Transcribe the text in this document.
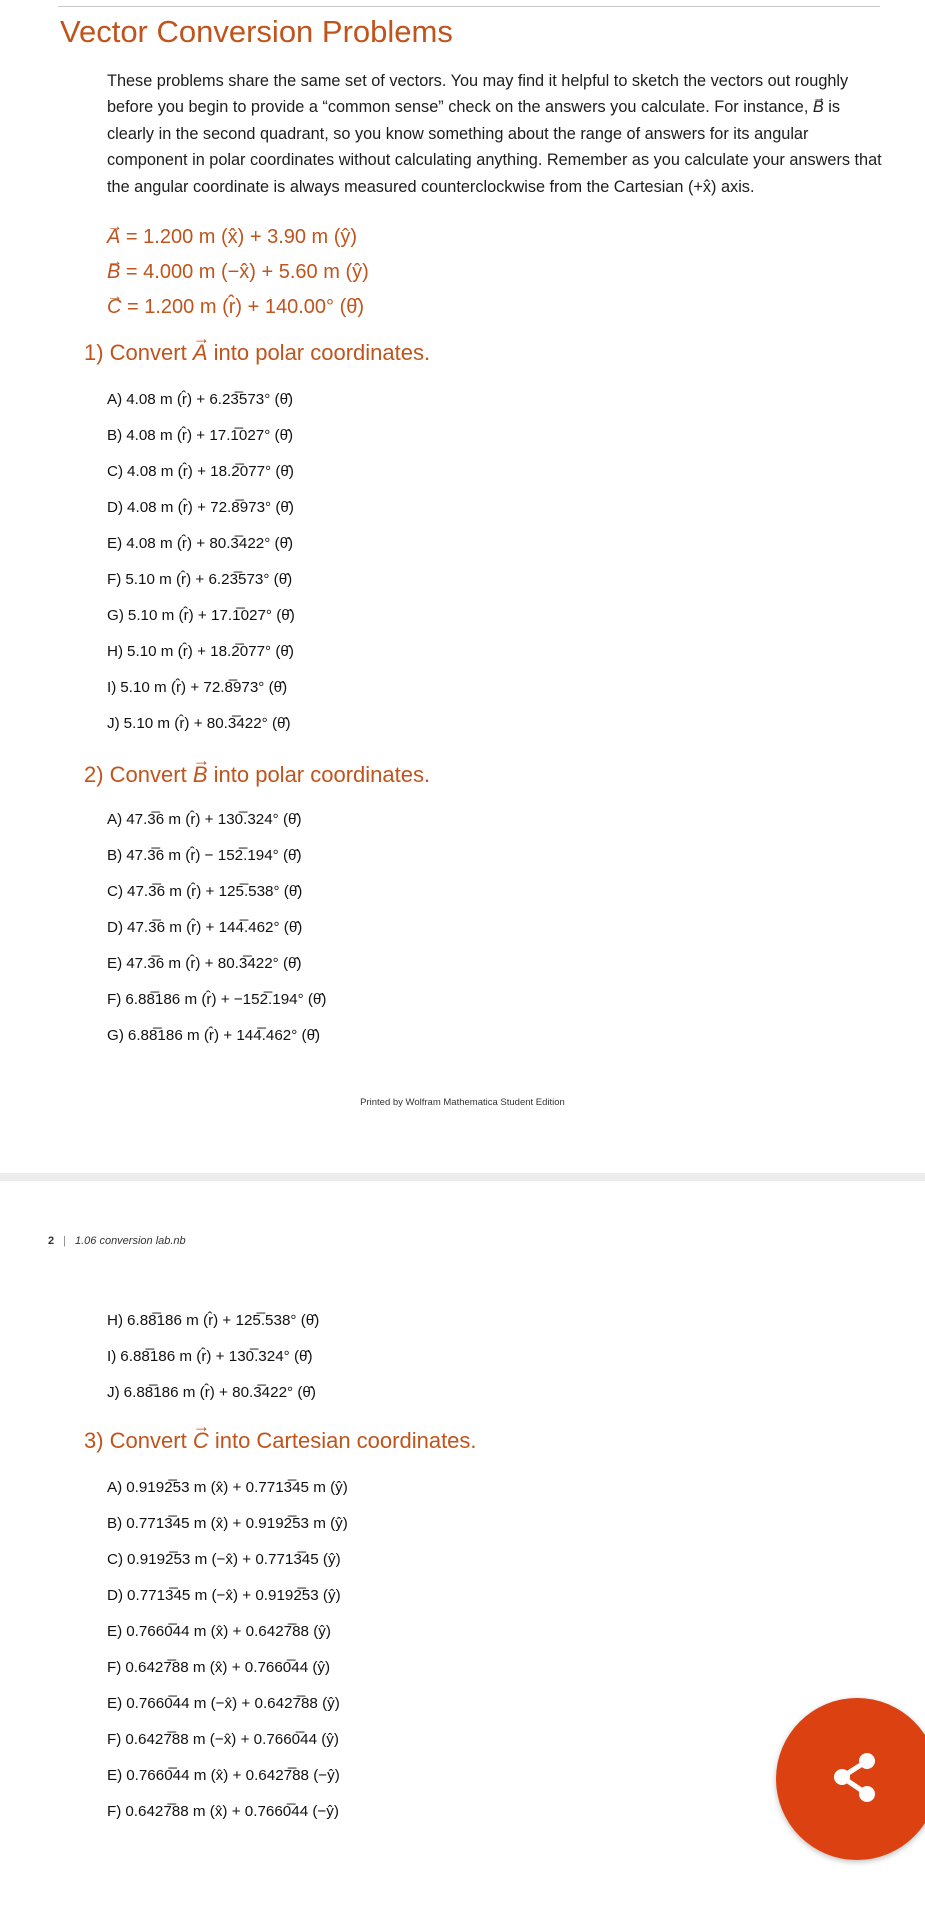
Vector Conversion Problems

These problems share the same set of vectors. You may find it helpful to sketch the vectors out roughly before you begin to provide a “common sense” check on the answers you calculate. For instance, → B is clearly in the second quadrant, so you know something about the range of answers for its angular component in polar coordinates without calculating anything. Remember as you calculate your answers that the angular coordinate is always measured counterclockwise from the Cartesian (+x̂) axis.

→ A = 1.200 m (x̂) + 3.90 m (ŷ)
→ B = 4.000 m (−x̂) + 5.60 m (ŷ)
→ C = 1.200 m (r̂) + 140.00° (θ̂)
1) Convert → A into polar coordinates.
A) 4.08 m (r̂) + 6.23̅573° (θ̂)
B) 4.08 m (r̂) + 17.1̅027° (θ̂)
C) 4.08 m (r̂) + 18.2̅077° (θ̂)
D) 4.08 m (r̂) + 72.8̅973° (θ̂)
E) 4.08 m (r̂) + 80.3̅422° (θ̂)
F) 5.10 m (r̂) + 6.23̅573° (θ̂)
G) 5.10 m (r̂) + 17.1̅027° (θ̂)
H) 5.10 m (r̂) + 18.2̅077° (θ̂)
I) 5.10 m (r̂) + 72.8̅973° (θ̂)
J) 5.10 m (r̂) + 80.3̅422° (θ̂)
2) Convert → B into polar coordinates.
A) 47.3̅6 m (r̂) + 130̅.324° (θ̂)
B) 47.3̅6 m (r̂) − 152̅.194° (θ̂)
C) 47.3̅6 m (r̂) + 125̅.538° (θ̂)
D) 47.3̅6 m (r̂) + 144̅.462° (θ̂)
E) 47.3̅6 m (r̂) + 80.3̅422° (θ̂)
F) 6.88̅186 m (r̂) + −152̅.194° (θ̂)
G) 6.88̅186 m (r̂) + 144̅.462° (θ̂)
Printed by Wolfram Mathematica Student Edition
2 | 1.06 conversion lab.nb
H) 6.88̅186 m (r̂) + 125̅.538° (θ̂)
I) 6.88̅186 m (r̂) + 130̅.324° (θ̂)
J) 6.88̅186 m (r̂) + 80.3̅422° (θ̂)
3) Convert → C into Cartesian coordinates.
A) 0.9192̅53 m (x̂) + 0.7713̅45 m (ŷ)
B) 0.7713̅45 m (x̂) + 0.9192̅53 m (ŷ)
C) 0.9192̅53 m (−x̂) + 0.7713̅45 (ŷ)
D) 0.7713̅45 m (−x̂) + 0.9192̅53 (ŷ)
E) 0.7660̅44 m (x̂) + 0.6427̅88 (ŷ)
F) 0.6427̅88 m (x̂) + 0.7660̅44 (ŷ)
E) 0.7660̅44 m (−x̂) + 0.6427̅88 (ŷ)
F) 0.6427̅88 m (−x̂) + 0.7660̅44 (ŷ)
E) 0.7660̅44 m (x̂) + 0.6427̅88 (−ŷ)
F) 0.6427̅88 m (x̂) + 0.7660̅44 (−ŷ)
